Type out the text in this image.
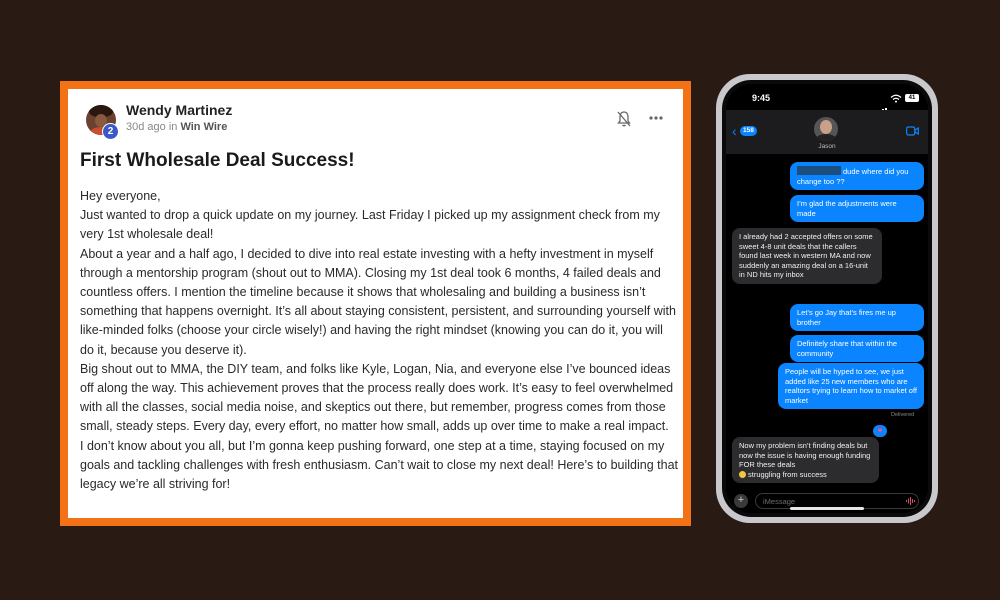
2
Wendy Martinez
30d ago in Win Wire
First Wholesale Deal Success!

Hey everyone,

Just wanted to drop a quick update on my journey. Last Friday I picked up my assignment check from my very 1st wholesale deal!

About a year and a half ago, I decided to dive into real estate investing with a hefty investment in myself through a mentorship program (shout out to MMA). Closing my 1st deal took 6 months, 4 failed deals and countless offers. I mention the timeline because it shows that wholesaling and building a business isn’t something that happens overnight. It’s all about staying consistent, persistent, and surrounding yourself with like-minded folks (choose your circle wisely!) and having the right mindset (knowing you can do it, you will do it, because you deserve it).

Big shout out to MMA, the DIY team, and folks like Kyle, Logan, Nia, and everyone else I’ve bounced ideas off along the way. This achievement proves that the process really does work. It’s easy to feel overwhelmed with all the classes, social media noise, and skeptics out there, but remember, progress comes from those small, steady steps. Every day, every effort, no matter how small, adds up over time to make a real impact.

I don’t know about you all, but I’m gonna keep pushing forward, one step at a time, staying focused on my goals and tackling challenges with fresh enthusiasm. Can’t wait to close my next deal! Here’s to building that legacy we’re all striving for!

9:45	41
‹ 158
Jason
dude where did you change too ??
I’m glad the adjustments were made
I already had 2 accepted offers on some sweet 4-8 unit deals that the callers found last week in western MA and now suddenly an amazing deal on a 16-unit in ND hits my inbox
Let’s go Jay that’s fires me up brother
Definitely share that within the community
People will be hyped to see, we just added like 25 new members who are realtors trying to learn how to market off market
Now my problem isn’t finding deals but now the issue is having enough funding FOR these deals
struggling from success
Delivered
♥
+
iMessage
